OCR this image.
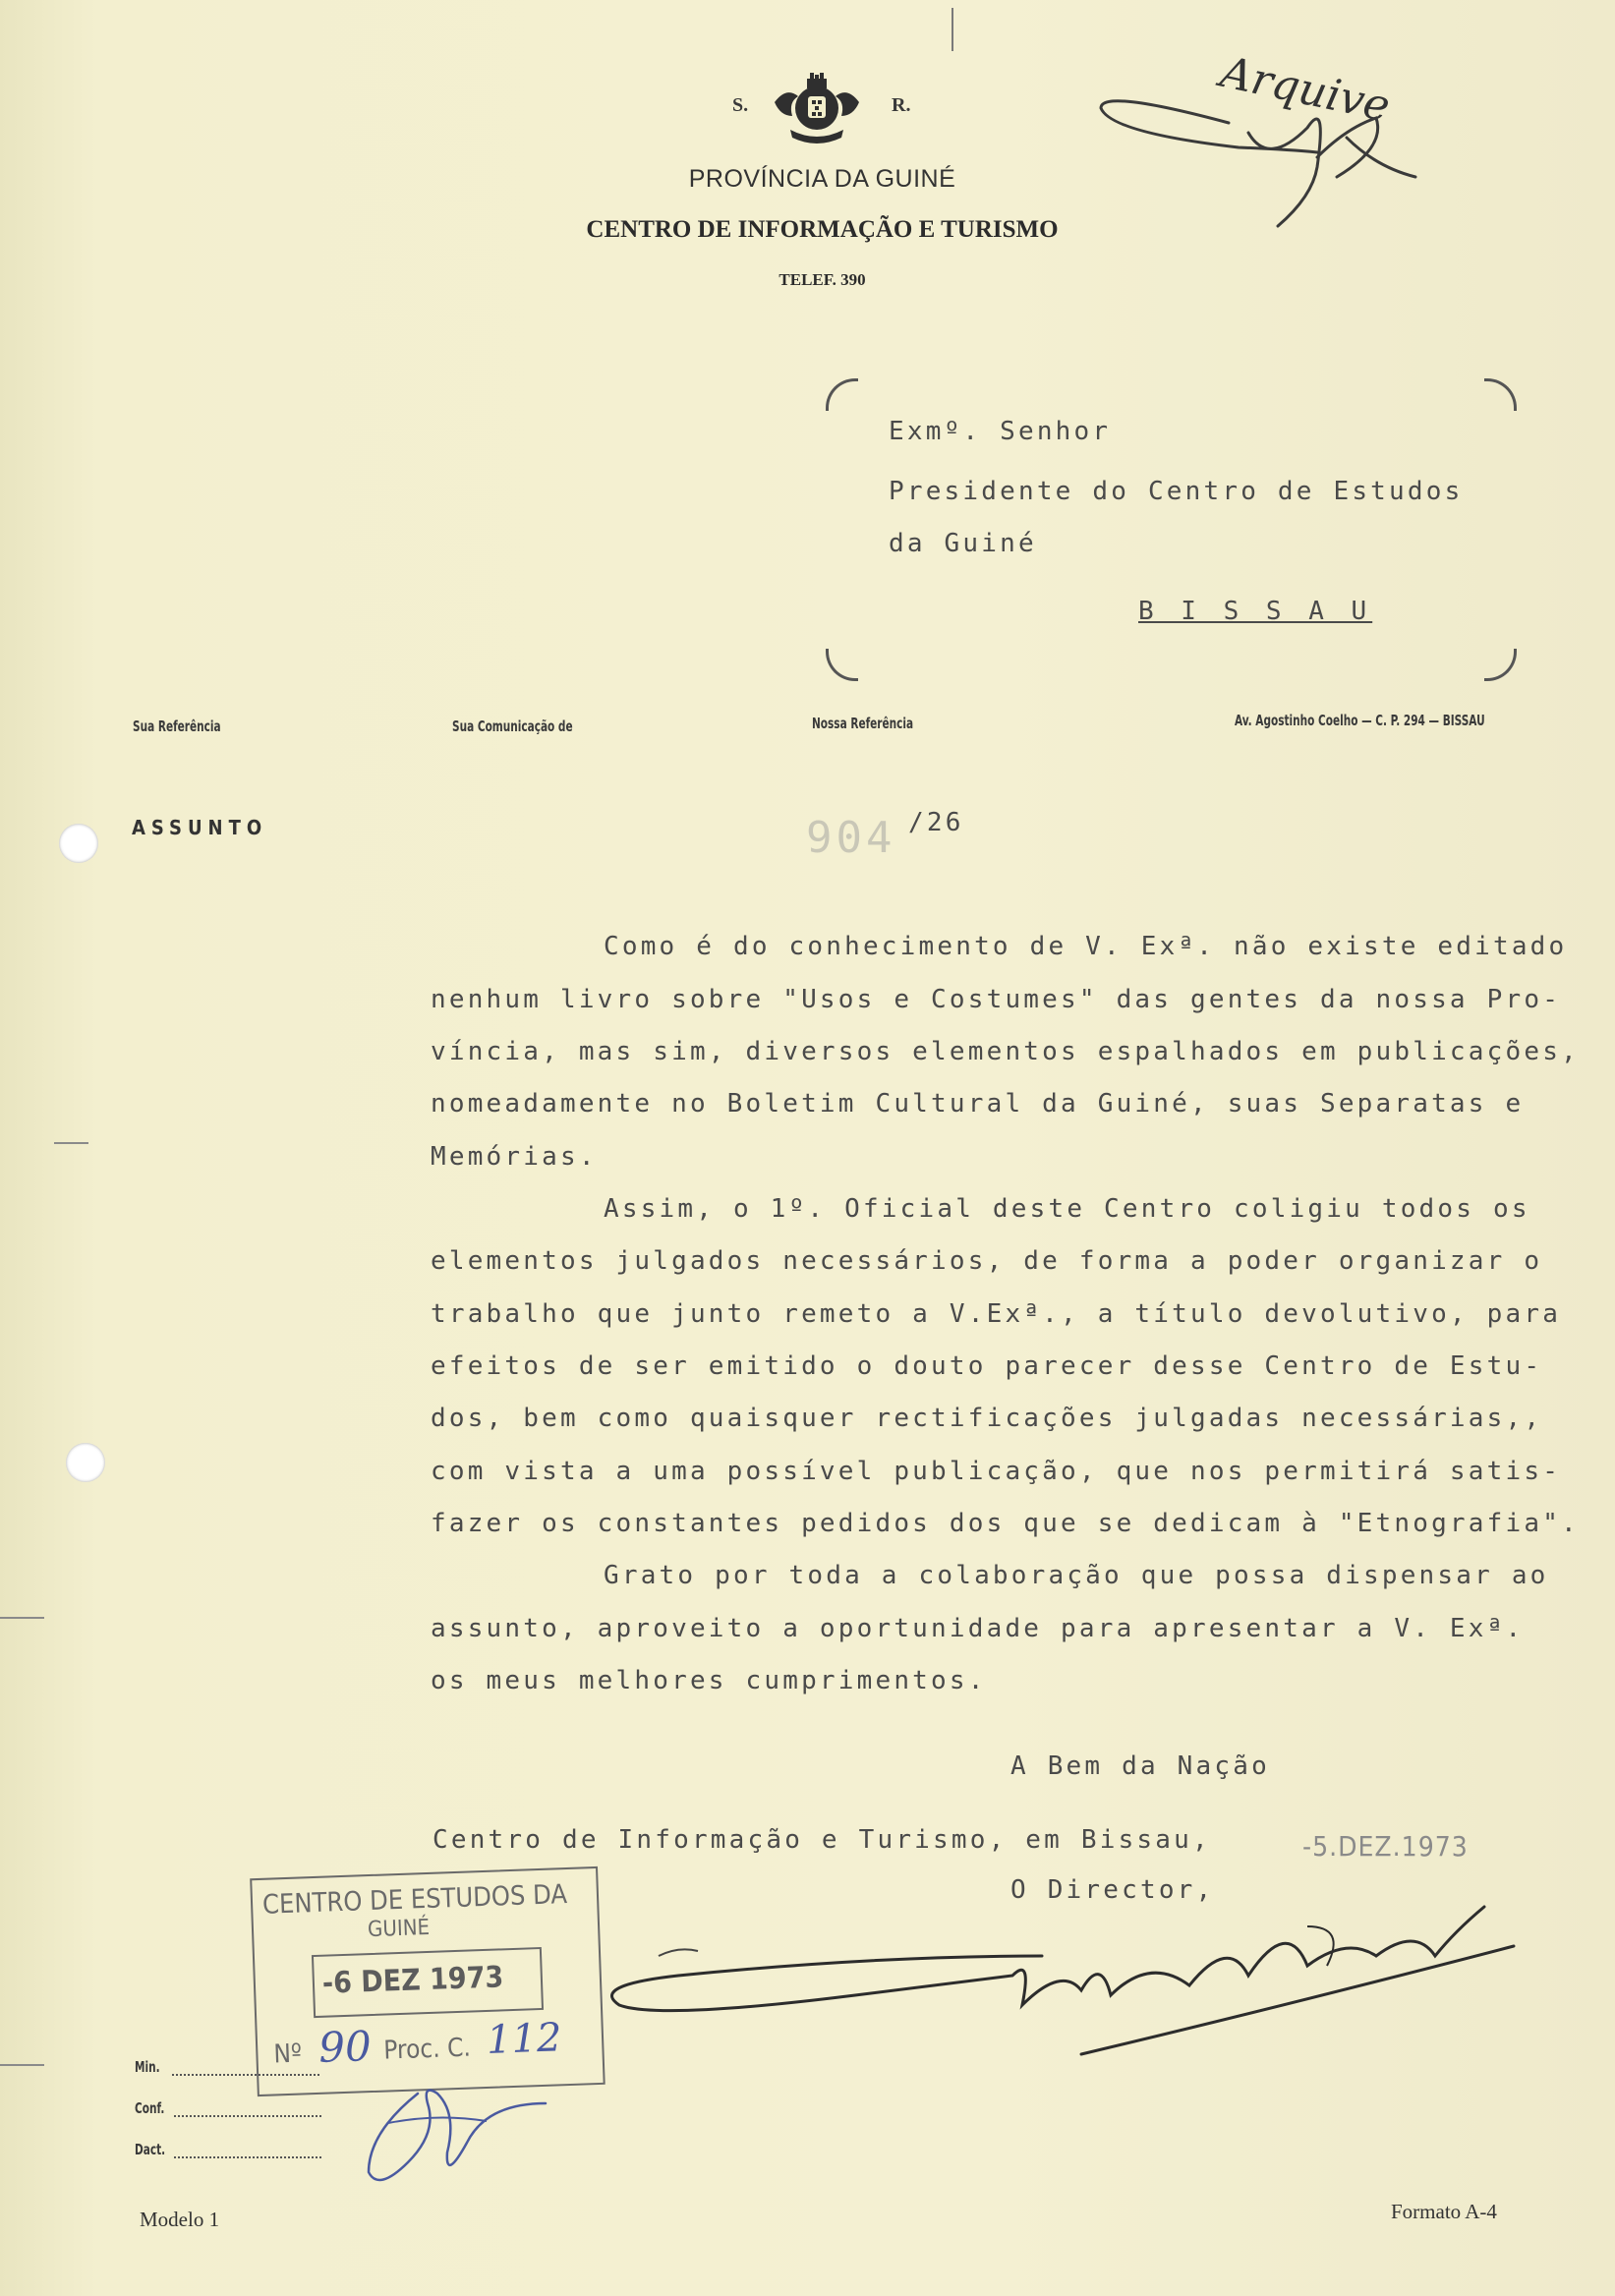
S.	R.
PROVÍNCIA DA GUINÉ
CENTRO DE INFORMAÇÃO E TURISMO
TELEF. 390
Arquive
Exmº. Senhor
Presidente do Centro de Estudos
da Guiné
B I S S A U
Sua Referência	Sua Comunicação de	Nossa Referência	Av. Agostinho Coelho — C. P. 294 — BISSAU
ASSUNTO	904 /26
Como é do conhecimento de V. Exª. não existe editado
nenhum livro sobre "Usos e Costumes" das gentes da nossa Pro-
víncia, mas sim, diversos elementos espalhados em publicações,
nomeadamente no Boletim Cultural da Guiné, suas Separatas e
Memórias.
Assim, o 1º. Oficial deste Centro coligiu todos os
elementos julgados necessários, de forma a poder organizar o
trabalho que junto remeto a V.Exª., a título devolutivo, para
efeitos de ser emitido o douto parecer desse Centro de Estu-
dos, bem como quaisquer rectificações julgadas necessárias,,
com vista a uma possível publicação, que nos permitirá satis-
fazer os constantes pedidos dos que se dedicam à "Etnografia".
Grato por toda a colaboração que possa dispensar ao
assunto, aproveito a oportunidade para apresentar a V. Exª.
os meus melhores cumprimentos.
A Bem da Nação
Centro de Informação e Turismo, em Bissau,	-5.DEZ.1973
O Director,
CENTRO DE ESTUDOS DA
GUINÉ
-6 DEZ 1973
Nº 90 Proc. C. 112
Min.
Conf.
Dact.
Modelo 1	Formato A-4
